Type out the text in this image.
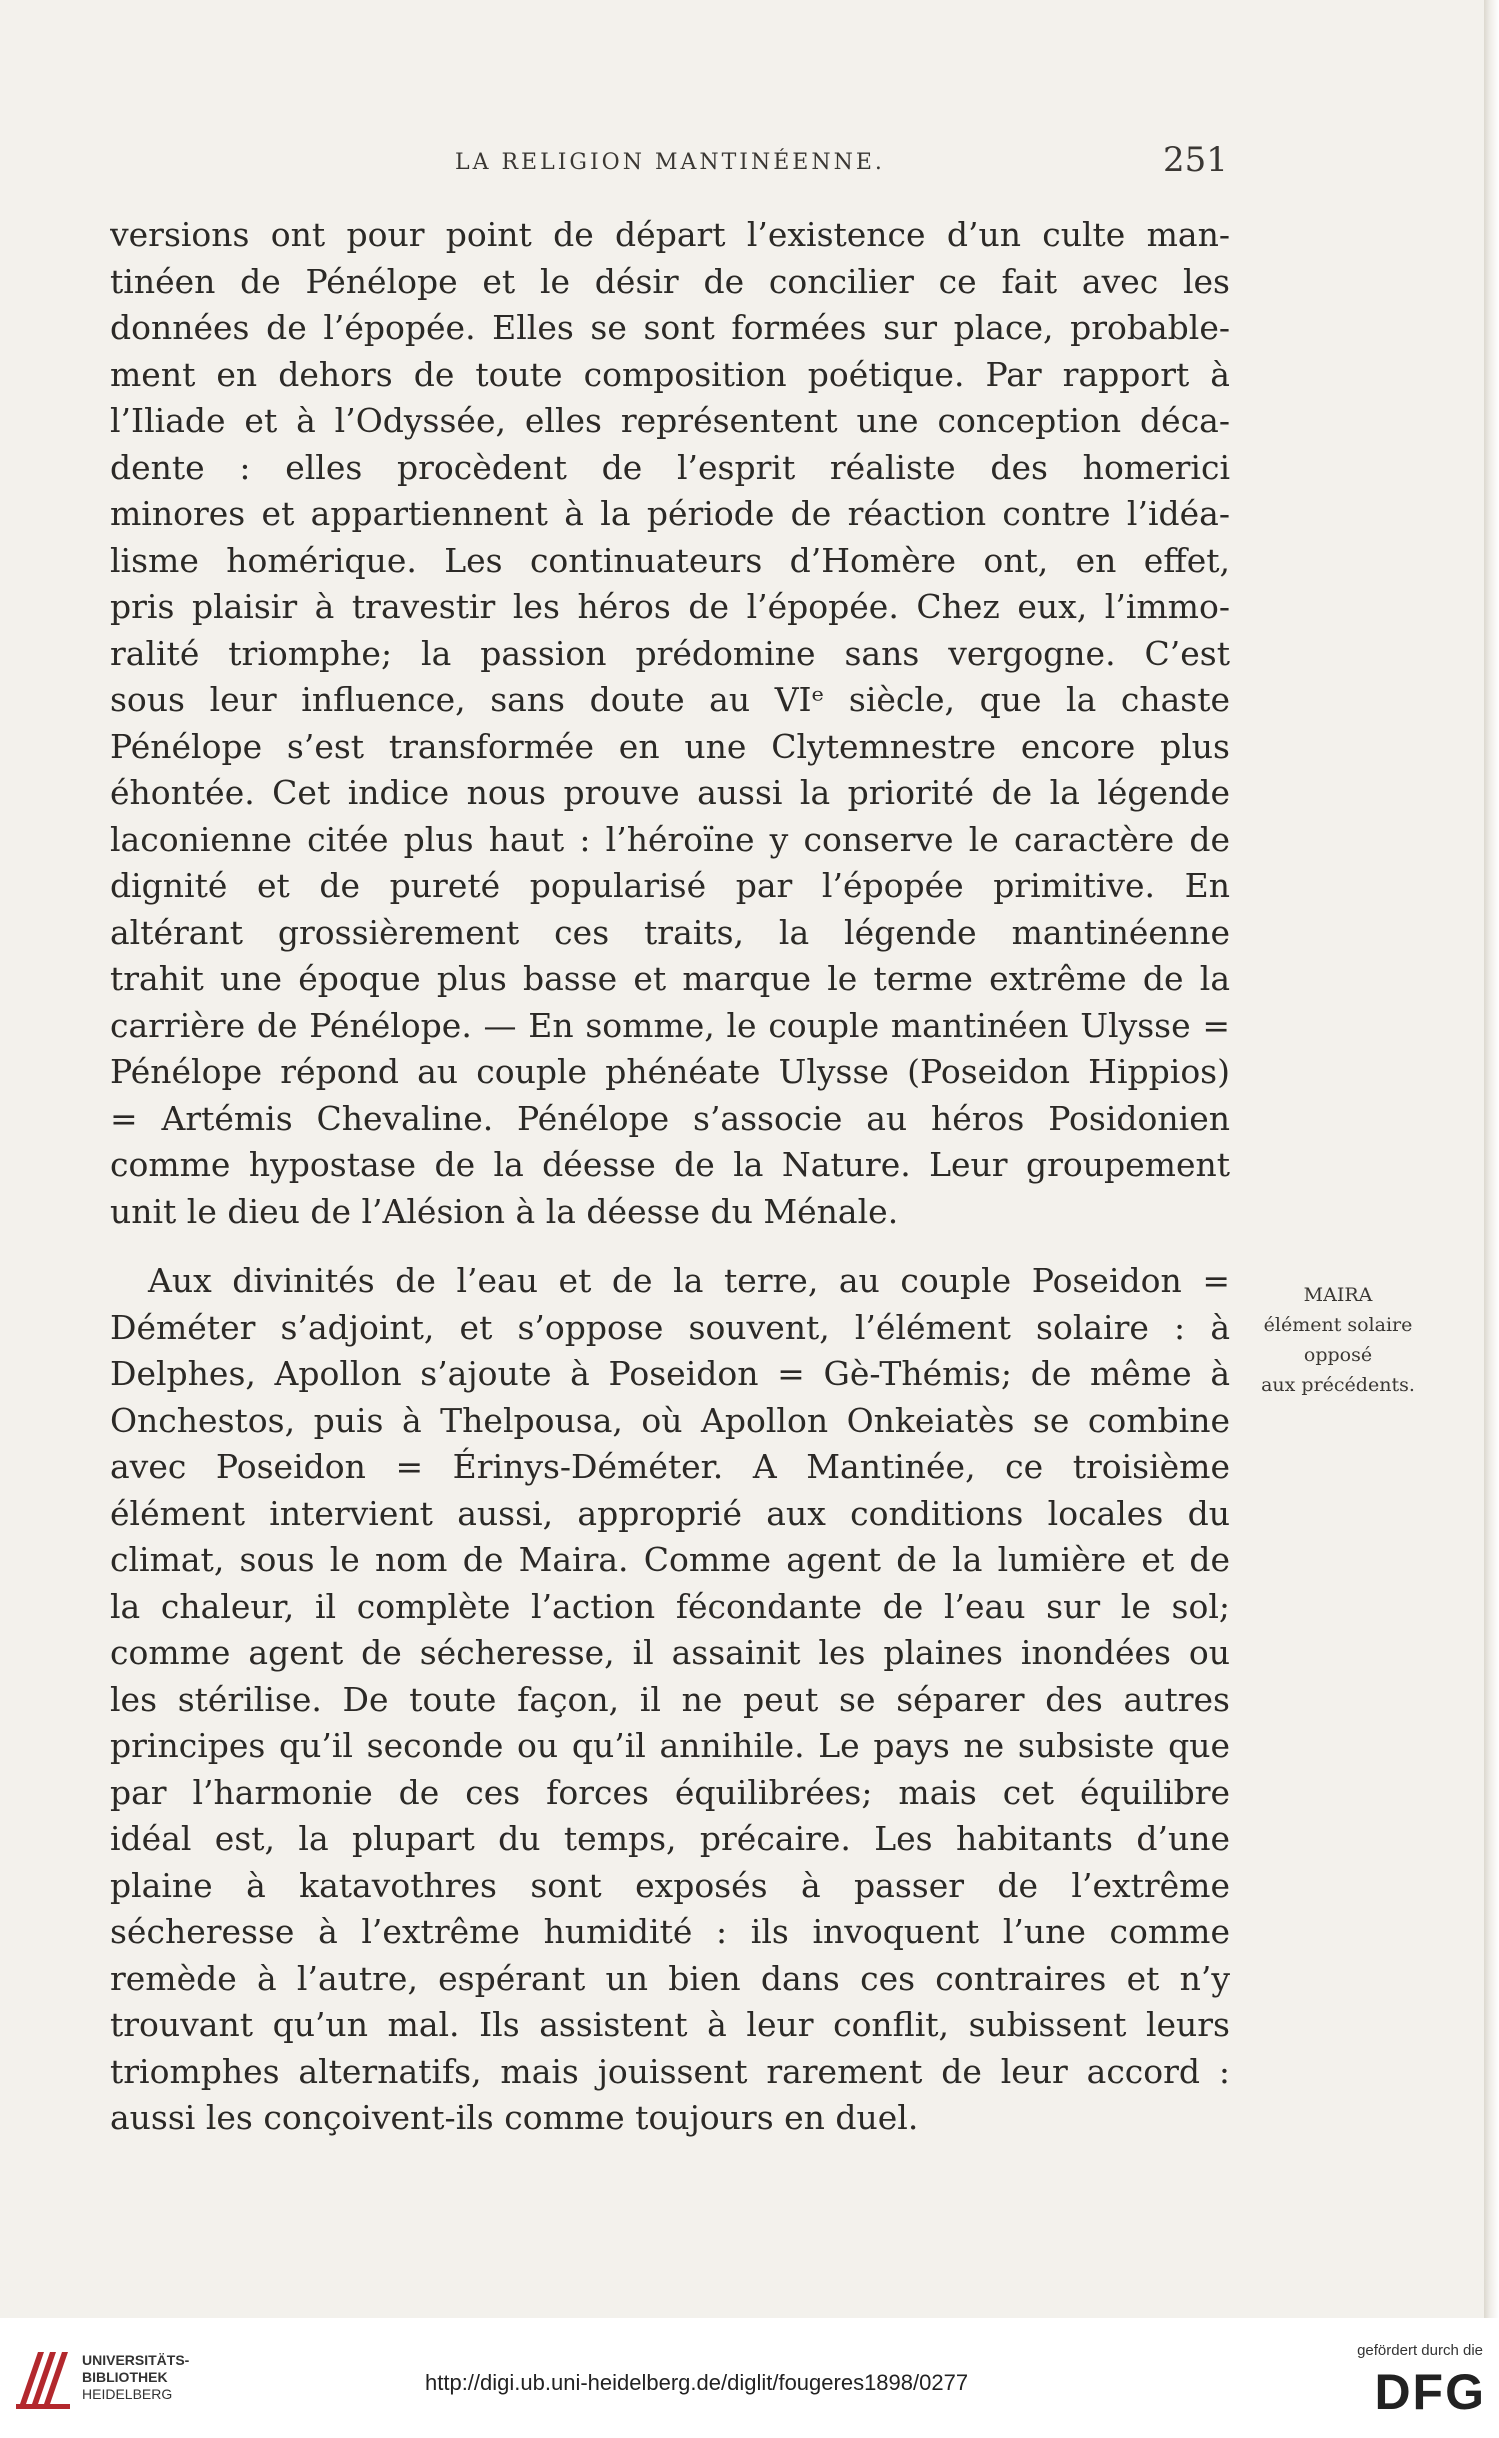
LA RELIGION MANTINÉENNE.	251
versions ont pour point de départ l’existence d’un culte man-
tinéen de Pénélope et le désir de concilier ce fait avec les
données de l’épopée. Elles se sont formées sur place, probable-
ment en dehors de toute composition poétique. Par rapport à
l’Iliade et à l’Odyssée, elles représentent une conception déca-
dente : elles procèdent de l’esprit réaliste des homerici
minores et appartiennent à la période de réaction contre l’idéa-
lisme homérique. Les continuateurs d’Homère ont, en effet,
pris plaisir à travestir les héros de l’épopée. Chez eux, l’immo-
ralité triomphe; la passion prédomine sans vergogne. C’est
sous leur influence, sans doute au VIᵉ siècle, que la chaste
Pénélope s’est transformée en une Clytemnestre encore plus
éhontée. Cet indice nous prouve aussi la priorité de la légende
laconienne citée plus haut : l’héroïne y conserve le caractère de
dignité et de pureté popularisé par l’épopée primitive. En
altérant grossièrement ces traits, la légende mantinéenne
trahit une époque plus basse et marque le terme extrême de la
carrière de Pénélope. — En somme, le couple mantinéen Ulysse =
Pénélope répond au couple phénéate Ulysse (Poseidon Hippios)
= Artémis Chevaline. Pénélope s’associe au héros Posidonien
comme hypostase de la déesse de la Nature. Leur groupement
unit le dieu de l’Alésion à la déesse du Ménale.
Aux divinités de l’eau et de la terre, au couple Poseidon =
Déméter s’adjoint, et s’oppose souvent, l’élément solaire : à
Delphes, Apollon s’ajoute à Poseidon = Gè-Thémis; de même à
Onchestos, puis à Thelpousa, où Apollon Onkeiatès se combine
avec Poseidon = Érinys-Déméter. A Mantinée, ce troisième
élément intervient aussi, approprié aux conditions locales du
climat, sous le nom de Maira. Comme agent de la lumière et de
la chaleur, il complète l’action fécondante de l’eau sur le sol;
comme agent de sécheresse, il assainit les plaines inondées ou
les stérilise. De toute façon, il ne peut se séparer des autres
principes qu’il seconde ou qu’il annihile. Le pays ne subsiste que
par l’harmonie de ces forces équilibrées; mais cet équilibre
idéal est, la plupart du temps, précaire. Les habitants d’une
plaine à katavothres sont exposés à passer de l’extrême
sécheresse à l’extrême humidité : ils invoquent l’une comme
remède à l’autre, espérant un bien dans ces contraires et n’y
trouvant qu’un mal. Ils assistent à leur conflit, subissent leurs
triomphes alternatifs, mais jouissent rarement de leur accord :
aussi les conçoivent-ils comme toujours en duel.
MAIRA
élément solaire
opposé
aux précédents.
UNIVERSITÄTS-
BIBLIOTHEK
HEIDELBERG	http://digi.ub.uni-heidelberg.de/diglit/fougeres1898/0277
gefördert durch die
DFG
